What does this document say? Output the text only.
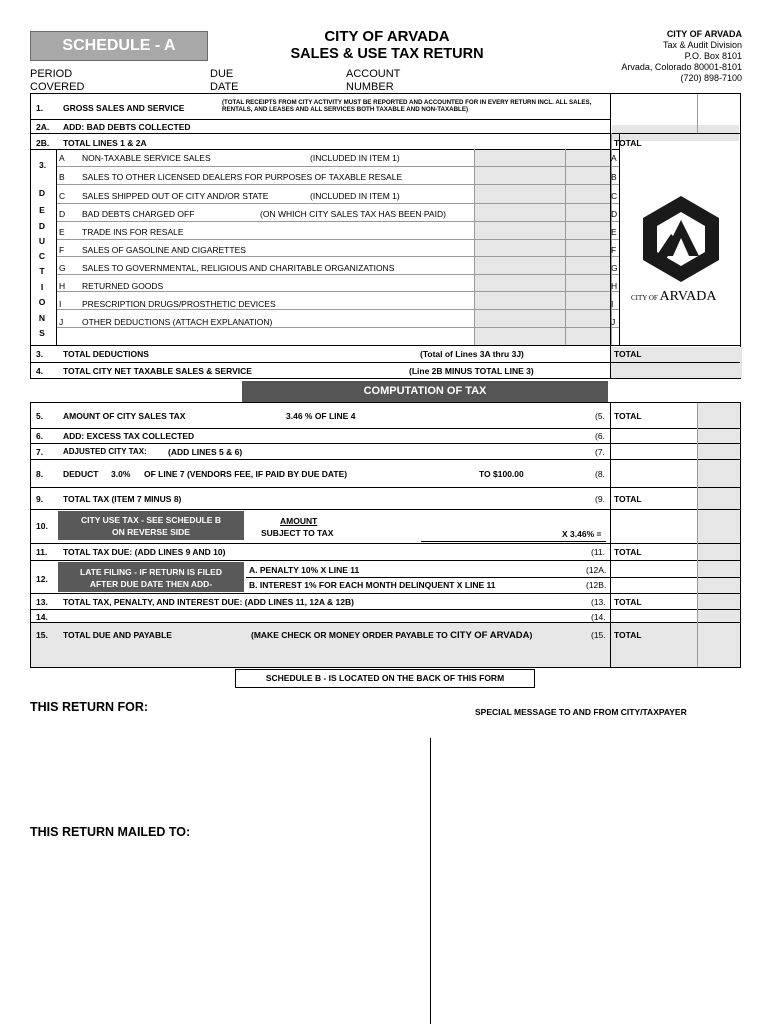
SCHEDULE - A
CITY OF ARVADA
SALES & USE TAX RETURN
CITY OF ARVADA
Tax & Audit Division
P.O. Box 8101
Arvada, Colorado 80001-8101
(720) 898-7100
PERIOD
COVERED
DUE
DATE
ACCOUNT
NUMBER
1. GROSS SALES AND SERVICE
(TOTAL RECEIPTS FROM CITY ACTIVITY MUST BE REPORTED AND ACCOUNTED FOR IN EVERY RETURN INCL. ALL SALES,
RENTALS, AND LEASES AND ALL SERVICES BOTH TAXABLE AND NON-TAXABLE)
2A. ADD: BAD DEBTS COLLECTED
2B. TOTAL LINES 1 & 2A	TOTAL
3.
3. TOTAL DEDUCTIONS	(Total of Lines 3A thru 3J)	TOTAL
4. TOTAL CITY NET TAXABLE SALES & SERVICE	(Line 2B MINUS TOTAL LINE 3)
CITY OF ARVADA
A NON-TAXABLE SERVICE SALES	(INCLUDED IN ITEM 1)	A
B SALES TO OTHER LICENSED DEALERS FOR PURPOSES OF TAXABLE RESALE	B
C SALES SHIPPED OUT OF CITY AND/OR STATE	(INCLUDED IN ITEM 1)	C
D BAD DEBTS CHARGED OFF	(ON WHICH CITY SALES TAX HAS BEEN PAID)	D
E TRADE INS FOR RESALE	E
F SALES OF GASOLINE AND CIGARETTES	F
G SALES TO GOVERNMENTAL, RELIGIOUS AND CHARITABLE ORGANIZATIONS	G
H RETURNED GOODS	H
I PRESCRIPTION DRUGS/PROSTHETIC DEVICES	I
J OTHER DEDUCTIONS (ATTACH EXPLANATION)	J
D
E
D
U
C
T
I
O
N
S
COMPUTATION OF TAX
5. AMOUNT OF CITY SALES TAX	3.46 % OF LINE 4	(5. TOTAL
6. ADD: EXCESS TAX COLLECTED	(6.
7. ADJUSTED CITY TAX:	(ADD LINES 5 & 6)	(7.
8. DEDUCT 3.0% OF LINE 7 (VENDORS FEE, IF PAID BY DUE DATE)	TO $100.00	(8.
9. TOTAL TAX (ITEM 7 MINUS 8)	(9. TOTAL
10.	AMOUNT
SUBJECT TO TAX	X 3.46% =
11. TOTAL TAX DUE: (ADD LINES 9 AND 10)	(11. TOTAL
12.
A. PENALTY 10% X LINE 11	(12A.
B. INTEREST 1% FOR EACH MONTH DELINQUENT X LINE 11	(12B.
13. TOTAL TAX, PENALTY, AND INTEREST DUE: (ADD LINES 11, 12A & 12B)	(13. TOTAL
14.	(14.
15. TOTAL DUE AND PAYABLE	(MAKE CHECK OR MONEY ORDER PAYABLE TO CITY OF ARVADA)	(15. TOTAL
CITY USE TAX - SEE SCHEDULE B
ON REVERSE SIDE
LATE FILING - IF RETURN IS FILED
AFTER DUE DATE THEN ADD-
SCHEDULE B - IS LOCATED ON THE BACK OF THIS FORM
THIS RETURN FOR:	SPECIAL MESSAGE TO AND FROM CITY/TAXPAYER
THIS RETURN MAILED TO:
